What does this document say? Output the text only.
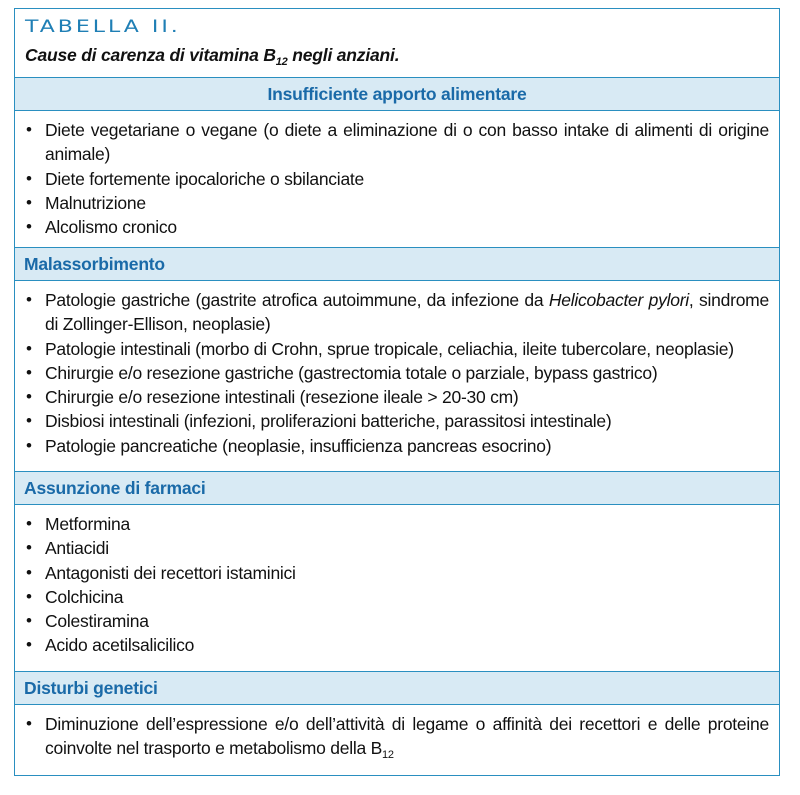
TABELLA II.
Cause di carenza di vitamina $B_{12}$ negli anziani.
Insufficiente apporto alimentare
• Diete vegetariane o vegane (o diete a eliminazione di o con basso intake di alimenti di origine animale)
• Diete fortemente ipocaloriche o sbilanciate
• Malnutrizione
• Alcolismo cronico
Malassorbimento
• Patologie gastriche (gastrite atrofica autoimmune, da infezione da Helicobacter pylori, sindrome di Zollinger-Ellison, neoplasie)
• Patologie intestinali (morbo di Crohn, sprue tropicale, celiachia, ileite tubercolare, neoplasie)
• Chirurgie e/o resezione gastriche (gastrectomia totale o parziale, bypass gastrico)
• Chirurgie e/o resezione intestinali (resezione ileale > 20-30 cm)
• Disbiosi intestinali (infezioni, proliferazioni batteriche, parassitosi intestinale)
• Patologie pancreatiche (neoplasie, insufficienza pancreas esocrino)
Assunzione di farmaci
• Metformina
• Antiacidi
• Antagonisti dei recettori istaminici
• Colchicina
• Colestiramina
• Acido acetilsalicilico
Disturbi genetici
• Diminuzione dell’espressione e/o dell’attività di legame o affinità dei recettori e delle proteine coinvolte nel trasporto e metabolismo della $B_{12}$
